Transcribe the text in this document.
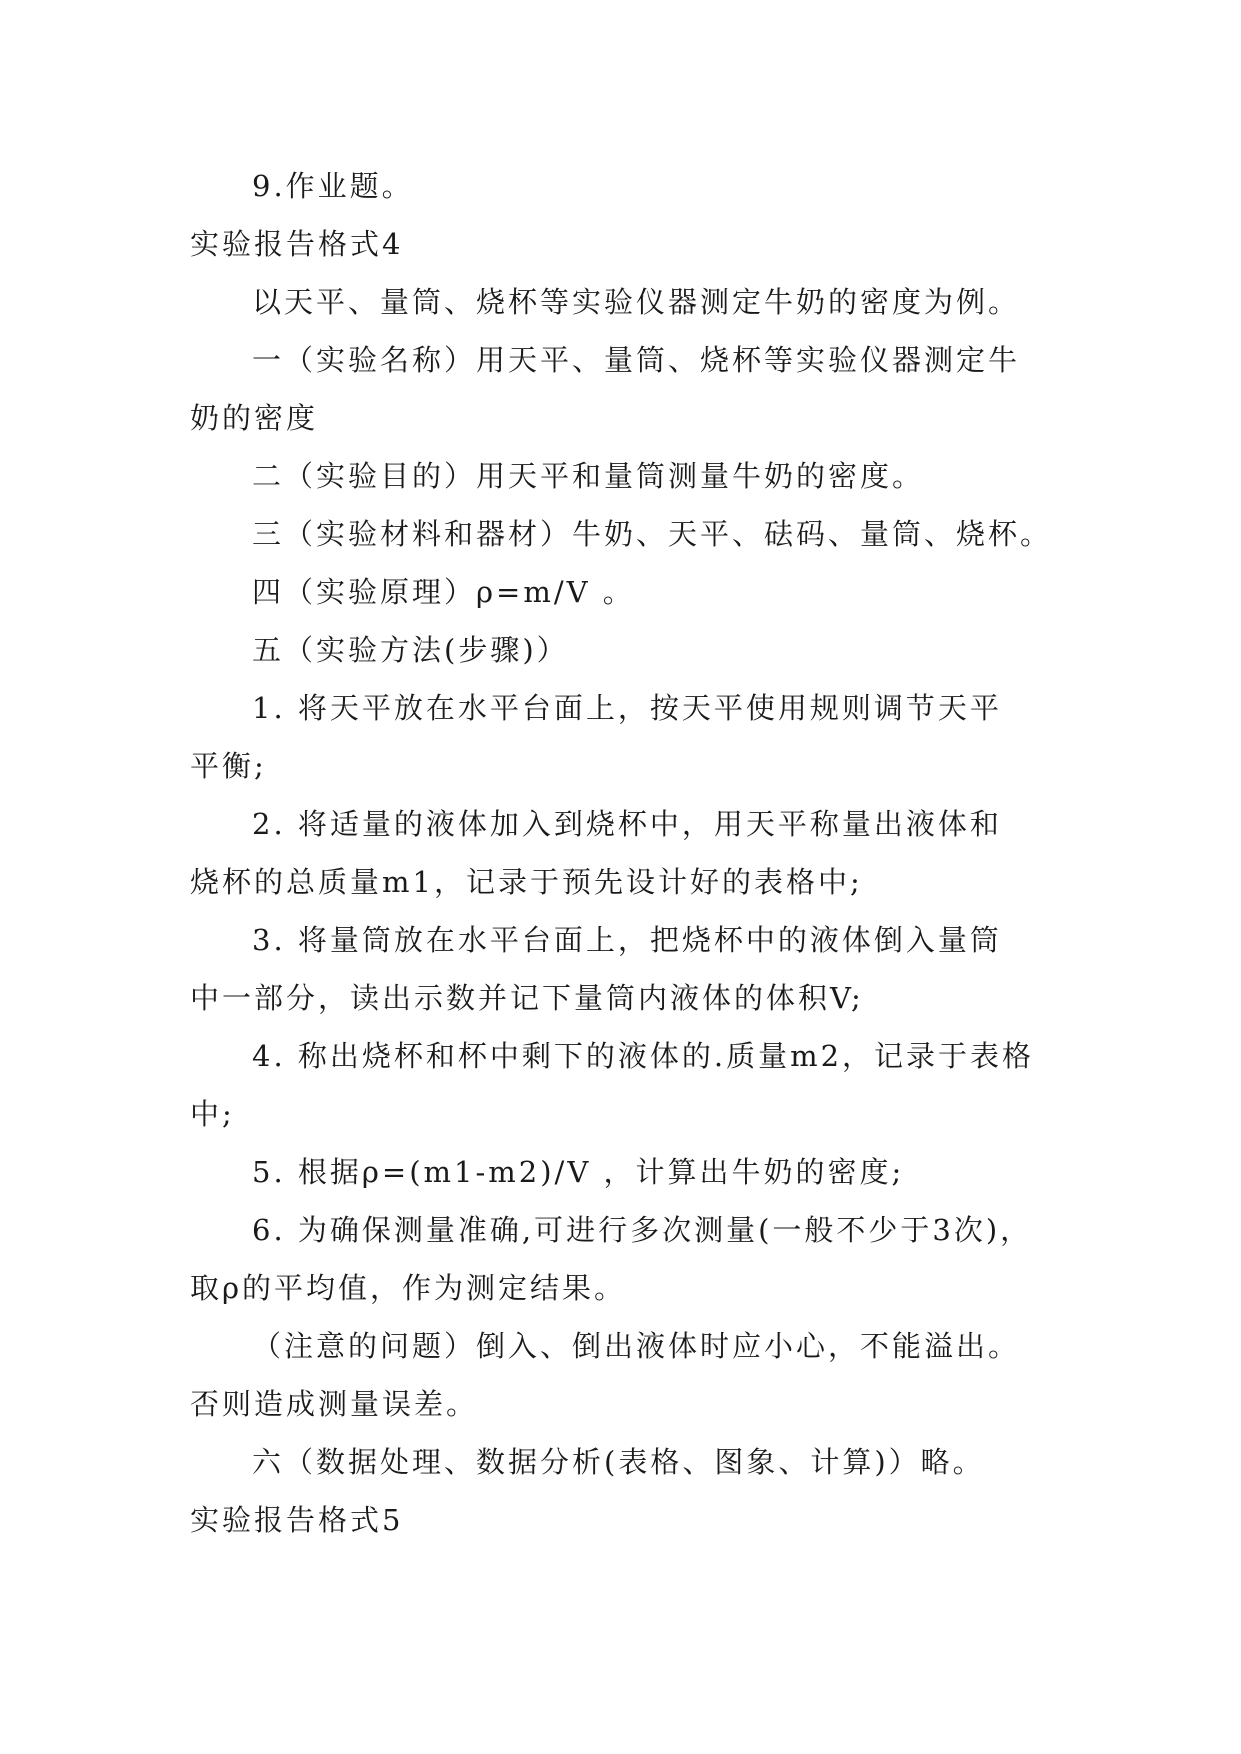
9.作业题。
实验报告格式4
以天平、量筒、烧杯等实验仪器测定牛奶的密度为例。
一（实验名称）用天平、量筒、烧杯等实验仪器测定牛
奶的密度
二（实验目的）用天平和量筒测量牛奶的密度。
三（实验材料和器材）牛奶、天平、砝码、量筒、烧杯。
四（实验原理）ρ=m/V 。
五（实验方法(步骤)）
1. 将天平放在水平台面上，按天平使用规则调节天平
平衡;
2. 将适量的液体加入到烧杯中，用天平称量出液体和
烧杯的总质量m1，记录于预先设计好的表格中;
3. 将量筒放在水平台面上，把烧杯中的液体倒入量筒
中一部分，读出示数并记下量筒内液体的体积V;
4. 称出烧杯和杯中剩下的液体的.质量m2，记录于表格
中;
5. 根据ρ=(m1-m2)/V ，计算出牛奶的密度;
6. 为确保测量准确,可进行多次测量(一般不少于3次)，
取ρ的平均值，作为测定结果。
（注意的问题）倒入、倒出液体时应小心，不能溢出。
否则造成测量误差。
六（数据处理、数据分析(表格、图象、计算)）略。
实验报告格式5
